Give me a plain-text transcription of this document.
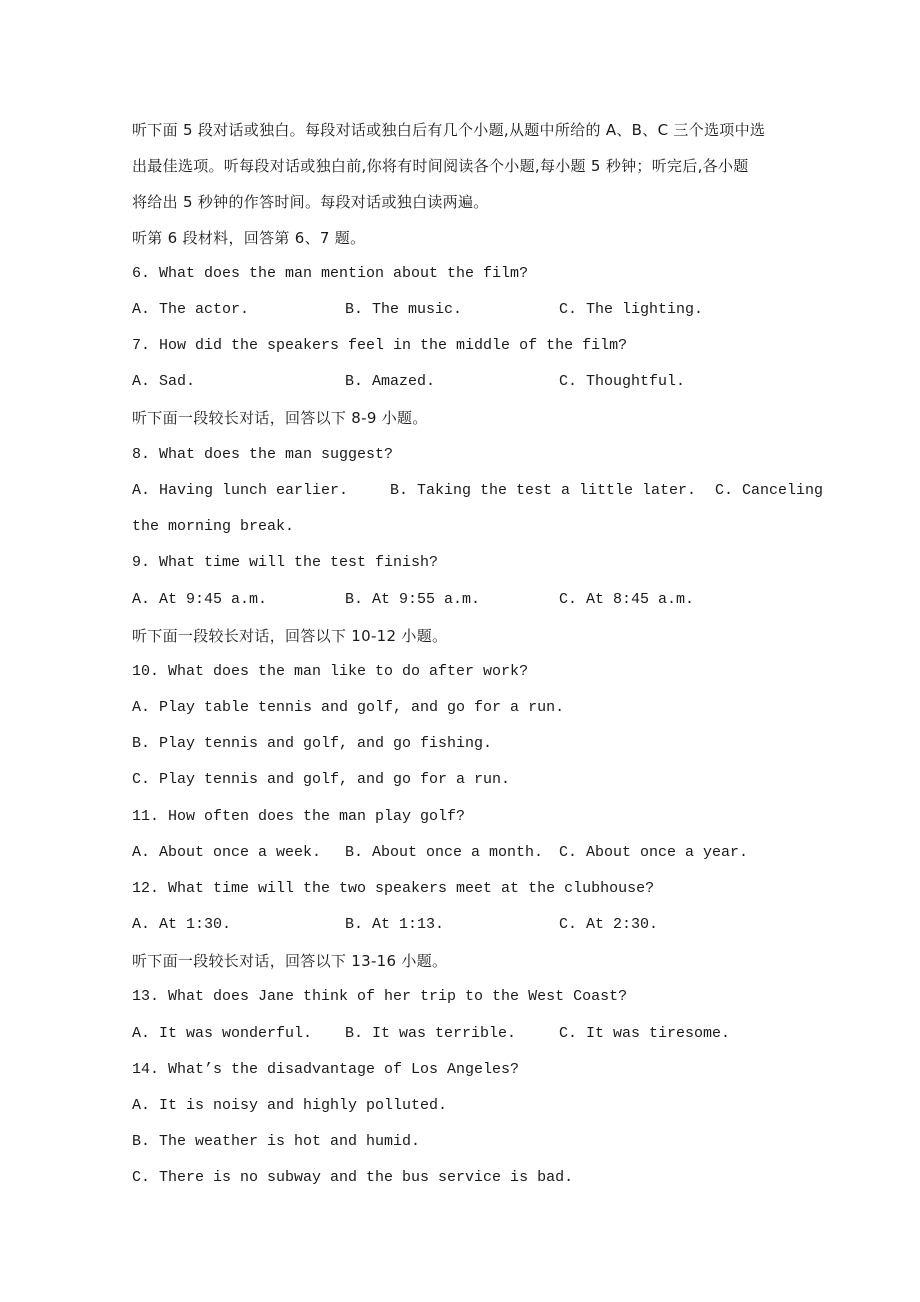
听下面 5 段对话或独白。每段对话或独白后有几个小题,从题中所给的 A、B、C 三个选项中选
出最佳选项。听每段对话或独白前,你将有时间阅读各个小题,每小题 5 秒钟；听完后,各小题
将给出 5 秒钟的作答时间。每段对话或独白读两遍。
听第 6 段材料，回答第 6、7 题。
6. What does the man mention about the film?
A. The actor.	B. The music.	C. The lighting.
7. How did the speakers feel in the middle of the film?
A. Sad.	B. Amazed.	C. Thoughtful.
听下面一段较长对话，回答以下 8-9 小题。
8. What does the man suggest?
A. Having lunch earlier.	B. Taking the test a little later. C. Canceling
the morning break.
9. What time will the test finish?
A. At 9:45 a.m.	B. At 9:55 a.m.	C. At 8:45 a.m.
听下面一段较长对话，回答以下 10-12 小题。
10. What does the man like to do after work?
A. Play table tennis and golf, and go for a run.
B. Play tennis and golf, and go fishing.
C. Play tennis and golf, and go for a run.
11. How often does the man play golf?
A. About once a week. B. About once a month. C. About once a year.
12. What time will the two speakers meet at the clubhouse?
A. At 1:30.	B. At 1:13.	C. At 2:30.
听下面一段较长对话，回答以下 13-16 小题。
13. What does Jane think of her trip to the West Coast?
A. It was wonderful. B. It was terrible.	C. It was tiresome.
14. What’s the disadvantage of Los Angeles?
A. It is noisy and highly polluted.
B. The weather is hot and humid.
C. There is no subway and the bus service is bad.
